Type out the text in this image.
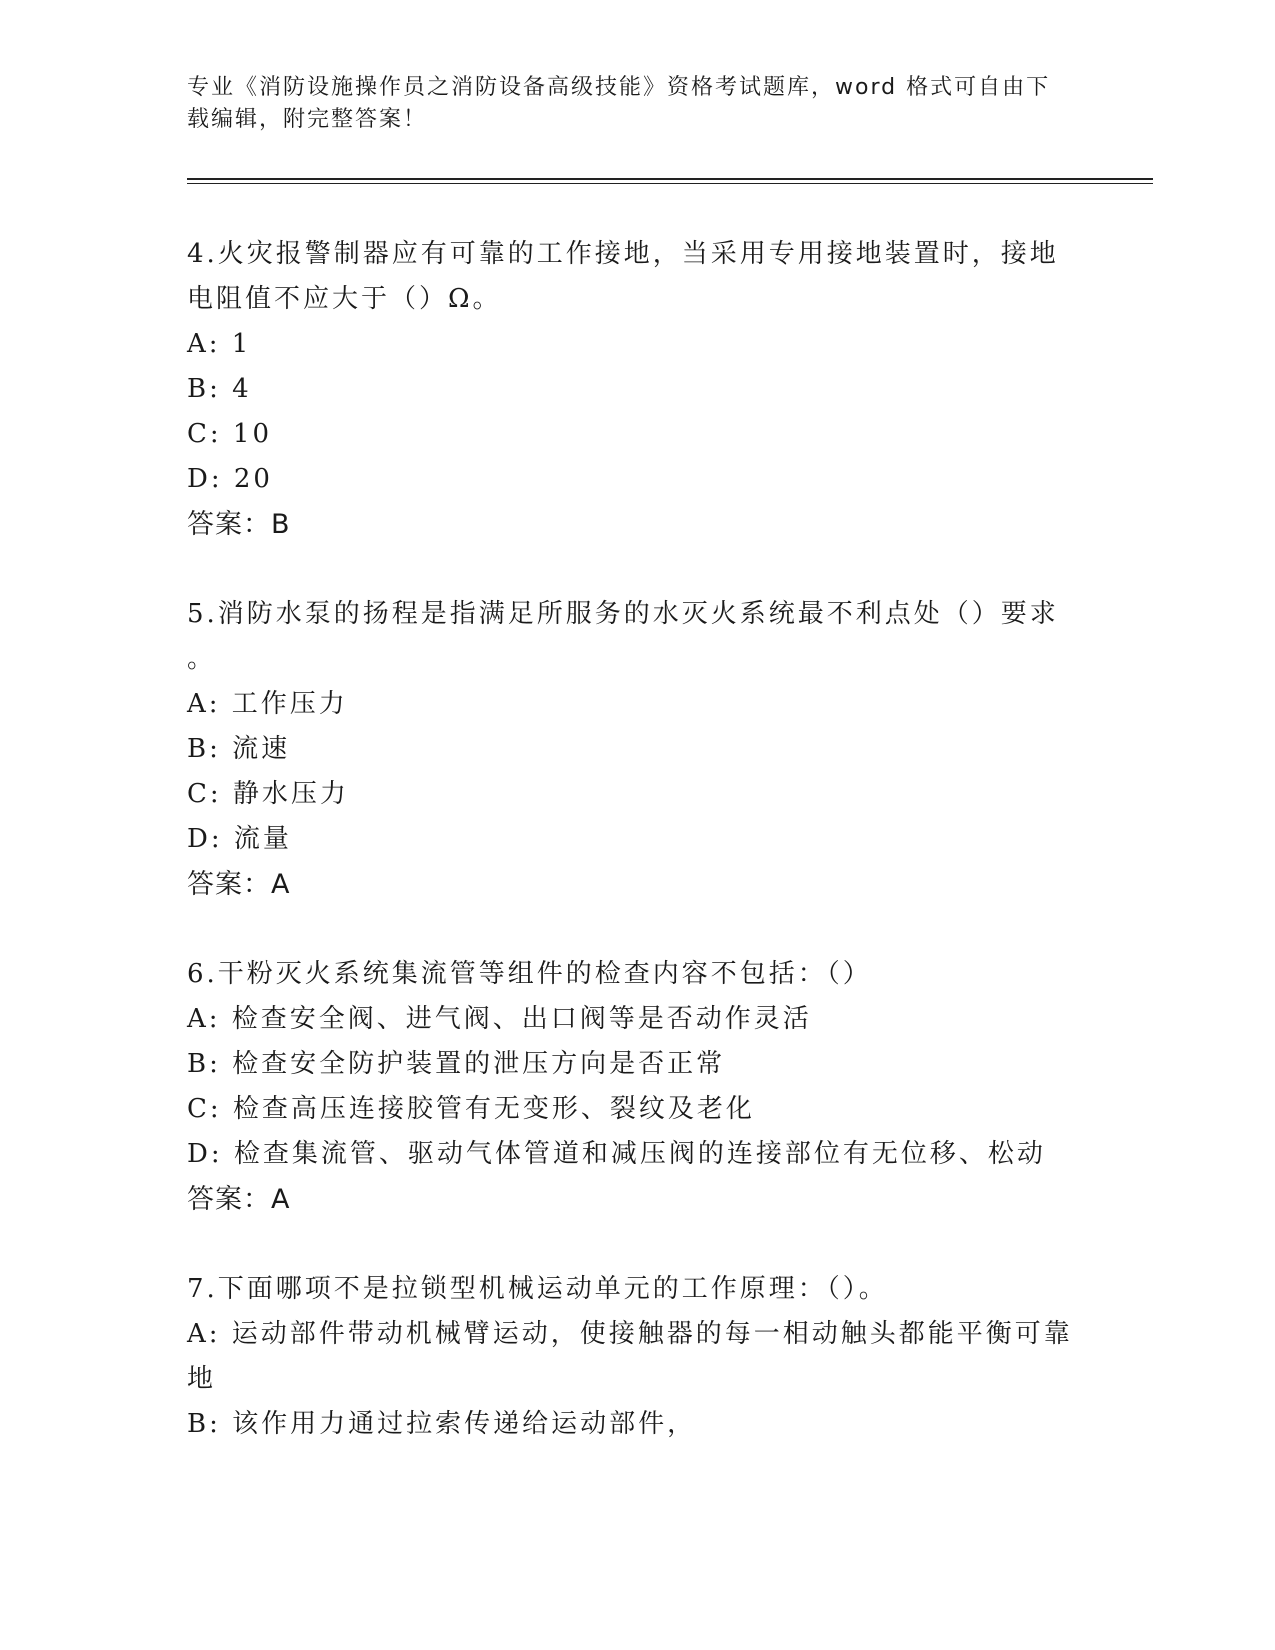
专业《消防设施操作员之消防设备高级技能》资格考试题库，word 格式可自由下载编辑，附完整答案！

4.火灾报警制器应有可靠的工作接地，当采用专用接地装置时，接地

电阻值不应大于（）Ω。

A: 1

B: 4

C: 10

D: 20

答案：B

5.消防水泵的扬程是指满足所服务的水灭火系统最不利点处（）要求

。

A: 工作压力

B: 流速

C: 静水压力

D: 流量

答案：A

6.干粉灭火系统集流管等组件的检查内容不包括：（）

A: 检查安全阀、进气阀、出口阀等是否动作灵活

B: 检查安全防护装置的泄压方向是否正常

C: 检查高压连接胶管有无变形、裂纹及老化

D: 检查集流管、驱动气体管道和减压阀的连接部位有无位移、松动

答案：A

7.下面哪项不是拉锁型机械运动单元的工作原理：（）。

A: 运动部件带动机械臂运动，使接触器的每一相动触头都能平衡可靠

地

B: 该作用力通过拉索传递给运动部件，
